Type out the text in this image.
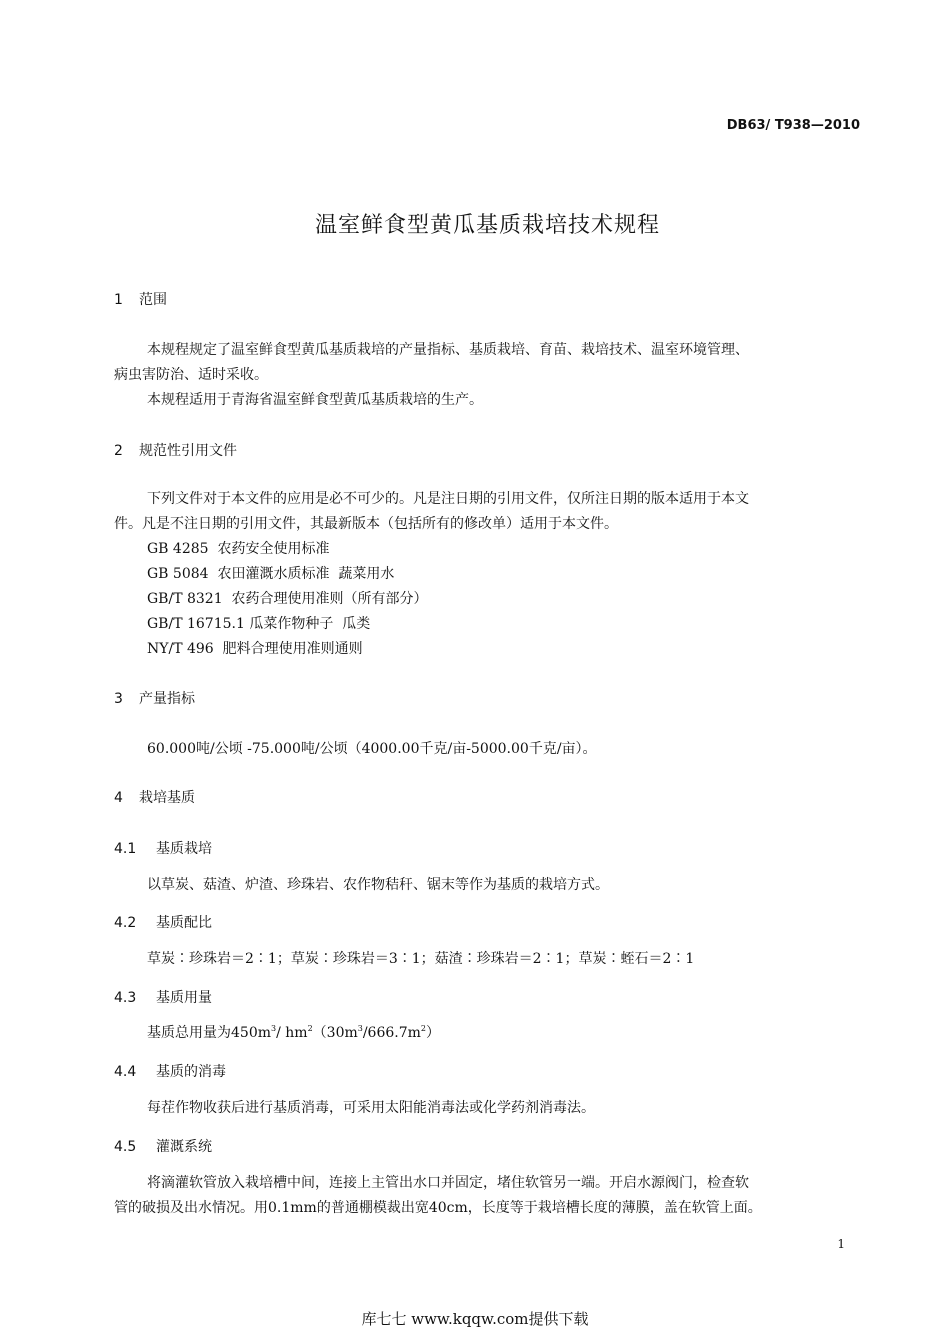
DB63/ T938—2010
温室鲜食型黄瓜基质栽培技术规程
1 范围
本规程规定了温室鲜食型黄瓜基质栽培的产量指标、基质栽培、育苗、栽培技术、温室环境管理、
病虫害防治、适时采收。
本规程适用于青海省温室鲜食型黄瓜基质栽培的生产。
2 规范性引用文件
下列文件对于本文件的应用是必不可少的。凡是注日期的引用文件，仅所注日期的版本适用于本文
件。凡是不注日期的引用文件，其最新版本（包括所有的修改单）适用于本文件。
GB 4285  农药安全使用标准
GB 5084  农田灌溉水质标准  蔬菜用水
GB/T 8321  农药合理使用准则（所有部分）
GB/T 16715.1 瓜菜作物种子  瓜类
NY/T 496  肥料合理使用准则通则
3 产量指标
60.000吨/公顷 -75.000吨/公顷（4000.00千克/亩-5000.00千克/亩）。
4 栽培基质
4.1 基质栽培
以草炭、菇渣、炉渣、珍珠岩、农作物秸秆、锯末等作为基质的栽培方式。
4.2 基质配比
草炭∶珍珠岩＝2∶1；草炭∶珍珠岩＝3∶1；菇渣∶珍珠岩＝2∶1；草炭∶蛭石＝2∶1
4.3 基质用量
基质总用量为$450m^3/$ $hm^2(30m^3/666.7m^2)$
4.4 基质的消毒
每茬作物收获后进行基质消毒，可采用太阳能消毒法或化学药剂消毒法。
4.5 灌溉系统
将滴灌软管放入栽培槽中间，连接上主管出水口并固定，堵住软管另一端。开启水源阀门，检查软
管的破损及出水情况。用0.1mm的普通棚模裁出宽40cm，长度等于栽培槽长度的薄膜，盖在软管上面。
1
库七七 www.kqqw.com提供下载
